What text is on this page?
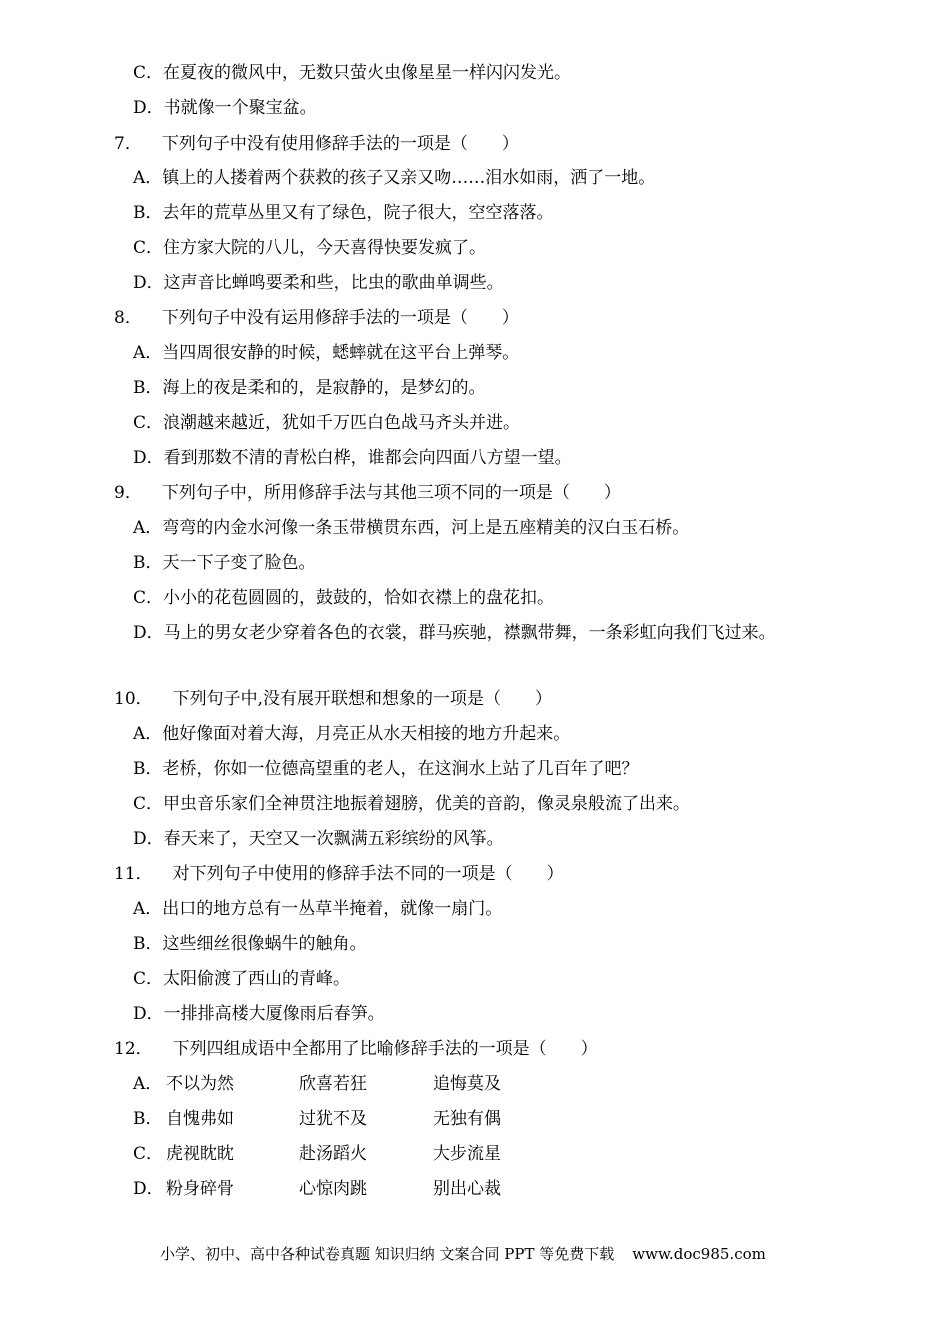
C．在夏夜的微风中，无数只萤火虫像星星一样闪闪发光。
D．书就像一个聚宝盆。
7． 下列句子中没有使用修辞手法的一项是（　　）
A．镇上的人搂着两个获救的孩子又亲又吻……泪水如雨，洒了一地。
B．去年的荒草丛里又有了绿色，院子很大，空空落落。
C．住方家大院的八儿，今天喜得快要发疯了。
D．这声音比蝉鸣要柔和些，比虫的歌曲单调些。
8． 下列句子中没有运用修辞手法的一项是（　　）
A．当四周很安静的时候，蟋蟀就在这平台上弹琴。
B．海上的夜是柔和的，是寂静的，是梦幻的。
C．浪潮越来越近，犹如千万匹白色战马齐头并进。
D．看到那数不清的青松白桦，谁都会向四面八方望一望。
9． 下列句子中，所用修辞手法与其他三项不同的一项是（　　）
A．弯弯的内金水河像一条玉带横贯东西，河上是五座精美的汉白玉石桥。
B．天一下子变了脸色。
C．小小的花苞圆圆的，鼓鼓的，恰如衣襟上的盘花扣。
D．马上的男女老少穿着各色的衣裳，群马疾驰，襟飘带舞，一条彩虹向我们飞过来。
10． 下列句子中,没有展开联想和想象的一项是（　　）
A．他好像面对着大海，月亮正从水天相接的地方升起来。
B．老桥，你如一位德高望重的老人，在这涧水上站了几百年了吧？
C．甲虫音乐家们全神贯注地振着翅膀，优美的音韵，像灵泉般流了出来。
D．春天来了，天空又一次飘满五彩缤纷的风筝。
11． 对下列句子中使用的修辞手法不同的一项是（　　）
A．出口的地方总有一丛草半掩着，就像一扇门。
B．这些细丝很像蜗牛的触角。
C．太阳偷渡了西山的青峰。
D．一排排高楼大厦像雨后春笋。
12． 下列四组成语中全都用了比喻修辞手法的一项是（　　）
A． 不以为然	欣喜若狂	追悔莫及
B． 自愧弗如	过犹不及	无独有偶
C． 虎视眈眈	赴汤蹈火	大步流星
D． 粉身碎骨	心惊肉跳	别出心裁
小学、初中、高中各种试卷真题 知识归纳 文案合同 PPT 等免费下载 www.doc985.com
